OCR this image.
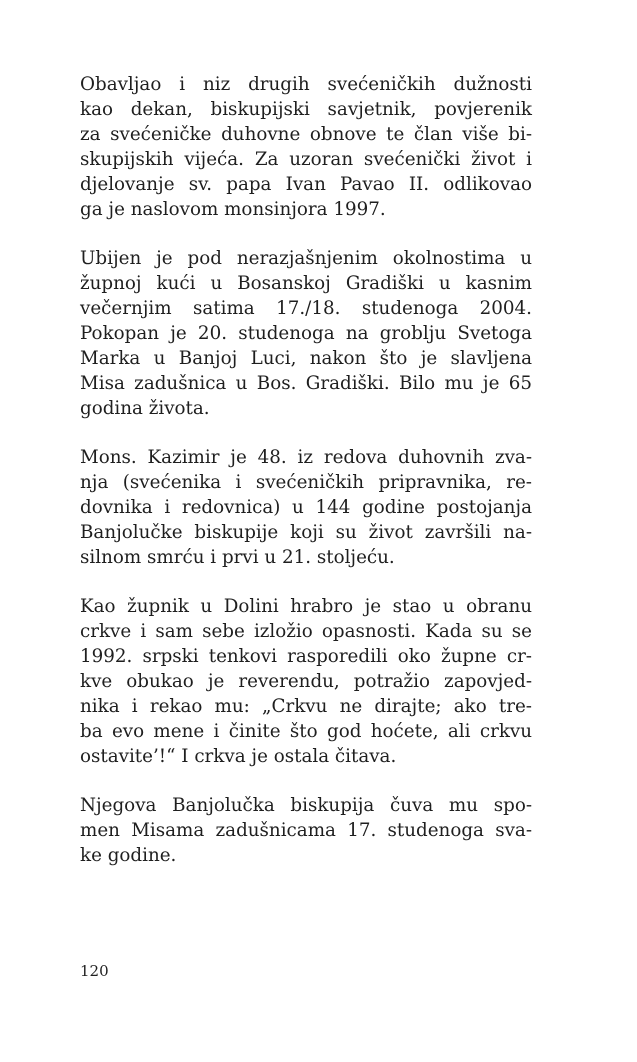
Obavljao i niz drugih svećeničkih dužnosti
kao dekan, biskupijski savjetnik, povjerenik
za svećeničke duhovne obnove te član više bi-
skupijskih vijeća. Za uzoran svećenički život i
djelovanje sv. papa Ivan Pavao II. odlikovao
ga je naslovom monsinjora 1997.

Ubijen je pod nerazjašnjenim okolnostima u
župnoj kući u Bosanskoj Gradiški u kasnim
večernjim satima 17./18. studenoga 2004.
Pokopan je 20. studenoga na groblju Svetoga
Marka u Banjoj Luci, nakon što je slavljena
Misa zadušnica u Bos. Gradiški. Bilo mu je 65
godina života.

Mons. Kazimir je 48. iz redova duhovnih zva-
nja (svećenika i svećeničkih pripravnika, re-
dovnika i redovnica) u 144 godine postojanja
Banjolučke biskupije koji su život završili na-
silnom smrću i prvi u 21. stoljeću.

Kao župnik u Dolini hrabro je stao u obranu
crkve i sam sebe izložio opasnosti. Kada su se
1992. srpski tenkovi rasporedili oko župne cr-
kve obukao je reverendu, potražio zapovjed-
nika i rekao mu: „Crkvu ne dirajte; ako tre-
ba evo mene i činite što god hoćete, ali crkvu
ostavite’!“ I crkva je ostala čitava.

Njegova Banjolučka biskupija čuva mu spo-
men Misama zadušnicama 17. studenoga sva-
ke godine.

120
